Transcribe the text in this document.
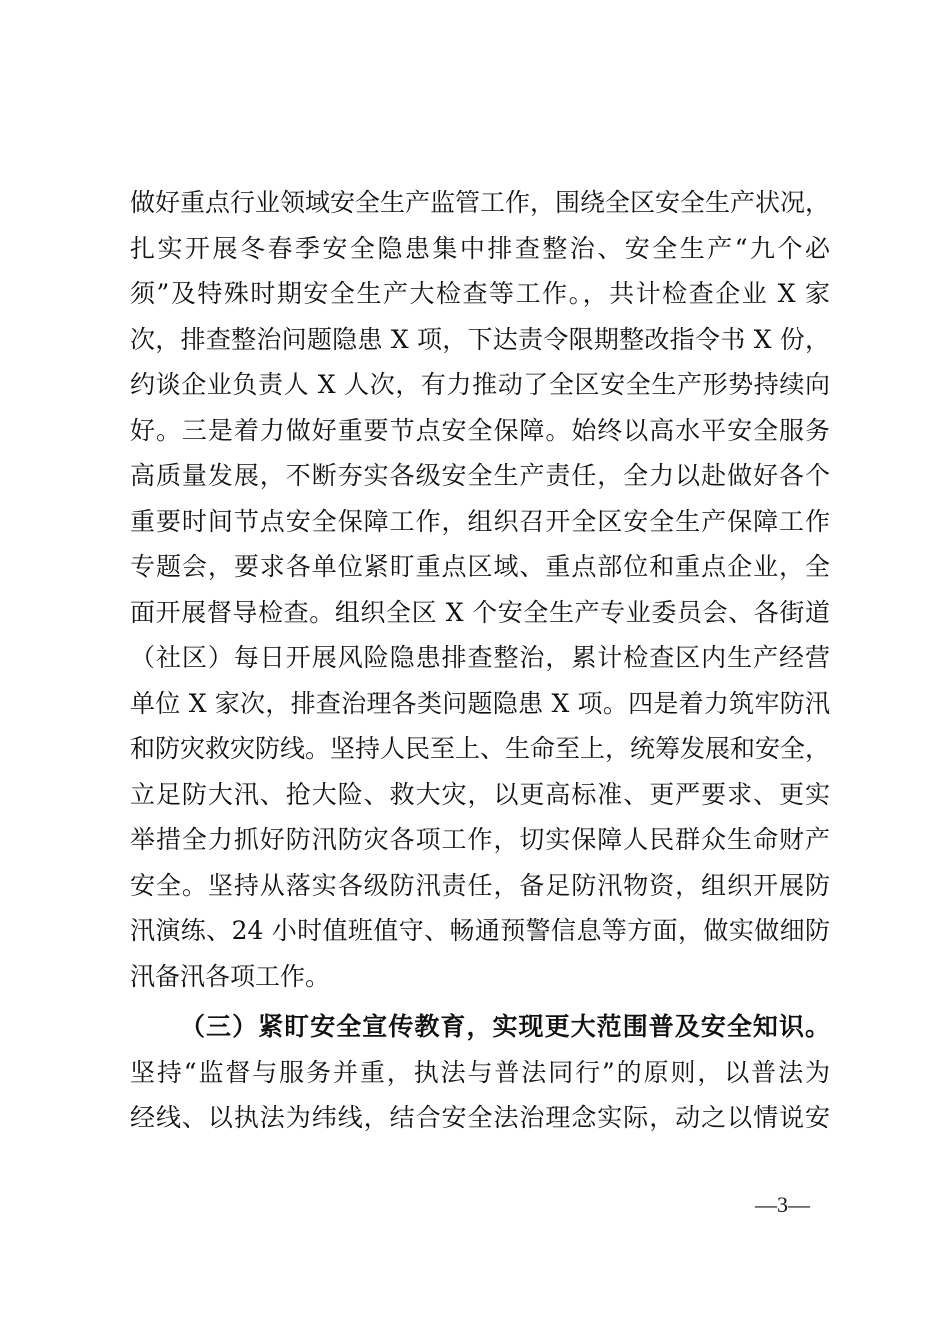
做好重点行业领域安全生产监管工作，围绕全区安全生产状况，
扎实开展冬春季安全隐患集中排查整治、安全生产“九个必
须”及特殊时期安全生产大检查等工作。，共计检查企业 X 家
次，排查整治问题隐患 X 项，下达责令限期整改指令书 X 份，
约谈企业负责人 X 人次，有力推动了全区安全生产形势持续向
好。三是着力做好重要节点安全保障。始终以高水平安全服务
高质量发展，不断夯实各级安全生产责任，全力以赴做好各个
重要时间节点安全保障工作，组织召开全区安全生产保障工作
专题会，要求各单位紧盯重点区域、重点部位和重点企业，全
面开展督导检查。组织全区 X 个安全生产专业委员会、各街道
（社区）每日开展风险隐患排查整治，累计检查区内生产经营
单位 X 家次，排查治理各类问题隐患 X 项。四是着力筑牢防汛
和防灾救灾防线。坚持人民至上、生命至上，统筹发展和安全，
立足防大汛、抢大险、救大灾，以更高标准、更严要求、更实
举措全力抓好防汛防灾各项工作，切实保障人民群众生命财产
安全。坚持从落实各级防汛责任，备足防汛物资，组织开展防
汛演练、24 小时值班值守、畅通预警信息等方面，做实做细防
汛备汛各项工作。
（三）紧盯安全宣传教育，实现更大范围普及安全知识。
坚持“监督与服务并重，执法与普法同行”的原则，以普法为
经线、以执法为纬线，结合安全法治理念实际，动之以情说安
—3—
